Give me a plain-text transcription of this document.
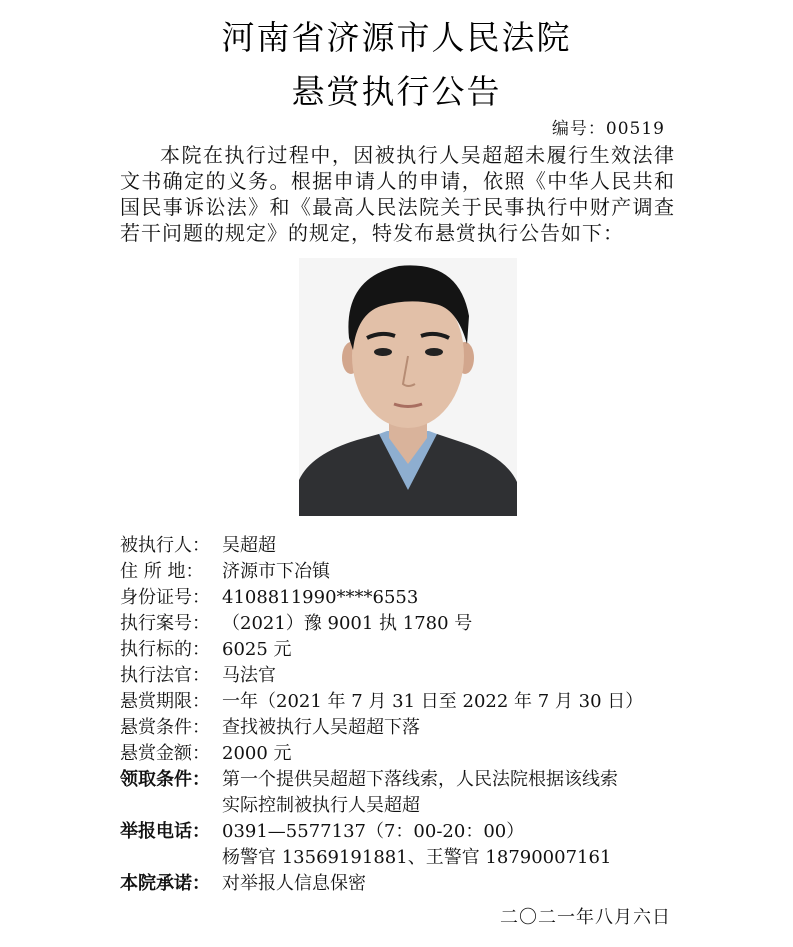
河南省济源市人民法院
悬赏执行公告
编号：00519
本院在执行过程中，因被执行人吴超超未履行生效法律文书确定的义务。根据申请人的申请，依照《中华人民共和国民事诉讼法》和《最高人民法院关于民事执行中财产调查若干问题的规定》的规定，特发布悬赏执行公告如下：
被执行人： 吴超超
住 所 地：	济源市下冶镇
身份证号： 4108811990****6553
执行案号： （2021）豫 9001 执 1780 号
执行标的： 6025 元
执行法官： 马法官
悬赏期限： 一年（2021 年 7 月 31 日至 2022 年 7 月 30 日）
悬赏条件： 查找被执行人吴超超下落
悬赏金额： 2000 元
领取条件： 第一个提供吴超超下落线索，人民法院根据该线索
实际控制被执行人吴超超
举报电话： 0391—5577137（7：00-20：00）
杨警官 13569191881、王警官 18790007161
本院承诺： 对举报人信息保密
二〇二一年八月六日
